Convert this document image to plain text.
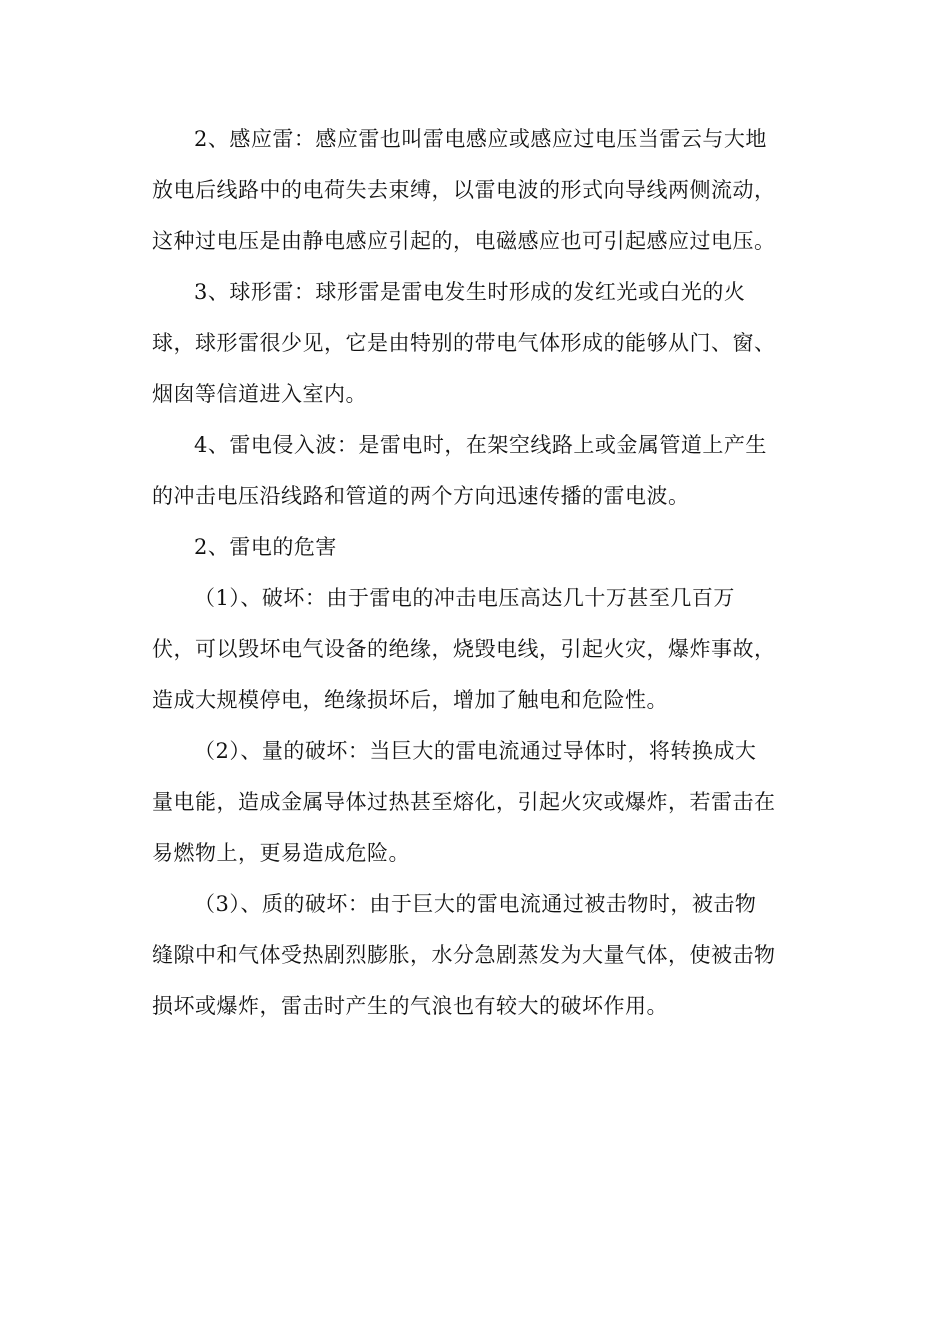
2、感应雷：感应雷也叫雷电感应或感应过电压当雷云与大地
放电后线路中的电荷失去束缚，以雷电波的形式向导线两侧流动，
这种过电压是由静电感应引起的，电磁感应也可引起感应过电压。

3、球形雷：球形雷是雷电发生时形成的发红光或白光的火
球，球形雷很少见，它是由特别的带电气体形成的能够从门、窗、
烟囱等信道进入室内。

4、雷电侵入波：是雷电时，在架空线路上或金属管道上产生
的冲击电压沿线路和管道的两个方向迅速传播的雷电波。

2、雷电的危害

（1）、破坏：由于雷电的冲击电压高达几十万甚至几百万
伏，可以毁坏电气设备的绝缘，烧毁电线，引起火灾，爆炸事故，
造成大规模停电，绝缘损坏后，增加了触电和危险性。

（2）、量的破坏：当巨大的雷电流通过导体时，将转换成大
量电能，造成金属导体过热甚至熔化，引起火灾或爆炸，若雷击在
易燃物上，更易造成危险。

（3）、质的破坏：由于巨大的雷电流通过被击物时，被击物
缝隙中和气体受热剧烈膨胀，水分急剧蒸发为大量气体，使被击物
损坏或爆炸，雷击时产生的气浪也有较大的破坏作用。
